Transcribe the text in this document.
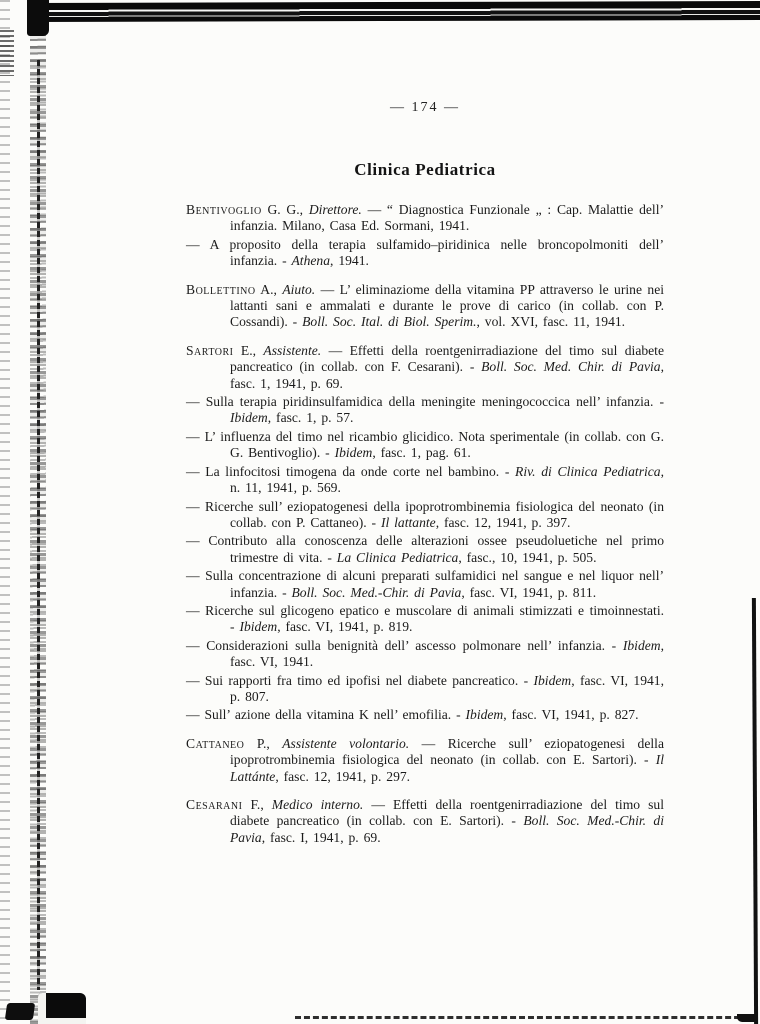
— 174 —
Clinica Pediatrica

Bentivoglio G. G., Direttore. — “ Diagnostica Funzionale „ : Cap. Malattie dell’ infanzia. Milano, Casa Ed. Sormani, 1941.

— A proposito della terapia sulfamido–piridinica nelle broncopolmoniti dell’ infanzia. - Athena, 1941.

Bollettino A., Aiuto. — L’ eliminaziome della vitamina PP attraverso le urine nei lattanti sani e ammalati e durante le prove di carico (in collab. con P. Cossandi). - Boll. Soc. Ital. di Biol. Sperim., vol. XVI, fasc. 11, 1941.

Sartori E., Assistente. — Effetti della roentgenirradiazione del timo sul diabete pancreatico (in collab. con F. Cesarani). - Boll. Soc. Med. Chir. di Pavia, fasc. 1, 1941, p. 69.

— Sulla terapia piridinsulfamidica della meningite meningococcica nell’ infanzia. - Ibidem, fasc. 1, p. 57.

— L’ influenza del timo nel ricambio glicidico. Nota sperimentale (in collab. con G. G. Bentivoglio). - Ibidem, fasc. 1, pag. 61.

— La linfocitosi timogena da onde corte nel bambino. - Riv. di Clinica Pediatrica, n. 11, 1941, p. 569.

— Ricerche sull’ eziopatogenesi della ipoprotrombinemia fisiologica del neonato (in collab. con P. Cattaneo). - Il lattante, fasc. 12, 1941, p. 397.

— Contributo alla conoscenza delle alterazioni ossee pseudoluetiche nel primo trimestre di vita. - La Clinica Pediatrica, fasc., 10, 1941, p. 505.

— Sulla concentrazione di alcuni preparati sulfamidici nel sangue e nel liquor nell’ infanzia. - Boll. Soc. Med.-Chir. di Pavia, fasc. VI, 1941, p. 811.

— Ricerche sul glicogeno epatico e muscolare di animali stimizzati e timoinnestati. - Ibidem, fasc. VI, 1941, p. 819.

— Considerazioni sulla benignità dell’ ascesso polmonare nell’ infanzia. - Ibidem, fasc. VI, 1941.

— Sui rapporti fra timo ed ipofisi nel diabete pancreatico. - Ibidem, fasc. VI, 1941, p. 807.

— Sull’ azione della vitamina K nell’ emofilia. - Ibidem, fasc. VI, 1941, p. 827.

Cattaneo P., Assistente volontario. — Ricerche sull’ eziopatogenesi della ipoprotrombinemia fisiologica del neonato (in collab. con E. Sartori). - Il Lattánte, fasc. 12, 1941, p. 297.

Cesarani F., Medico interno. — Effetti della roentgenirradiazione del timo sul diabete pancreatico (in collab. con E. Sartori). - Boll. Soc. Med.-Chir. di Pavia, fasc. I, 1941, p. 69.
